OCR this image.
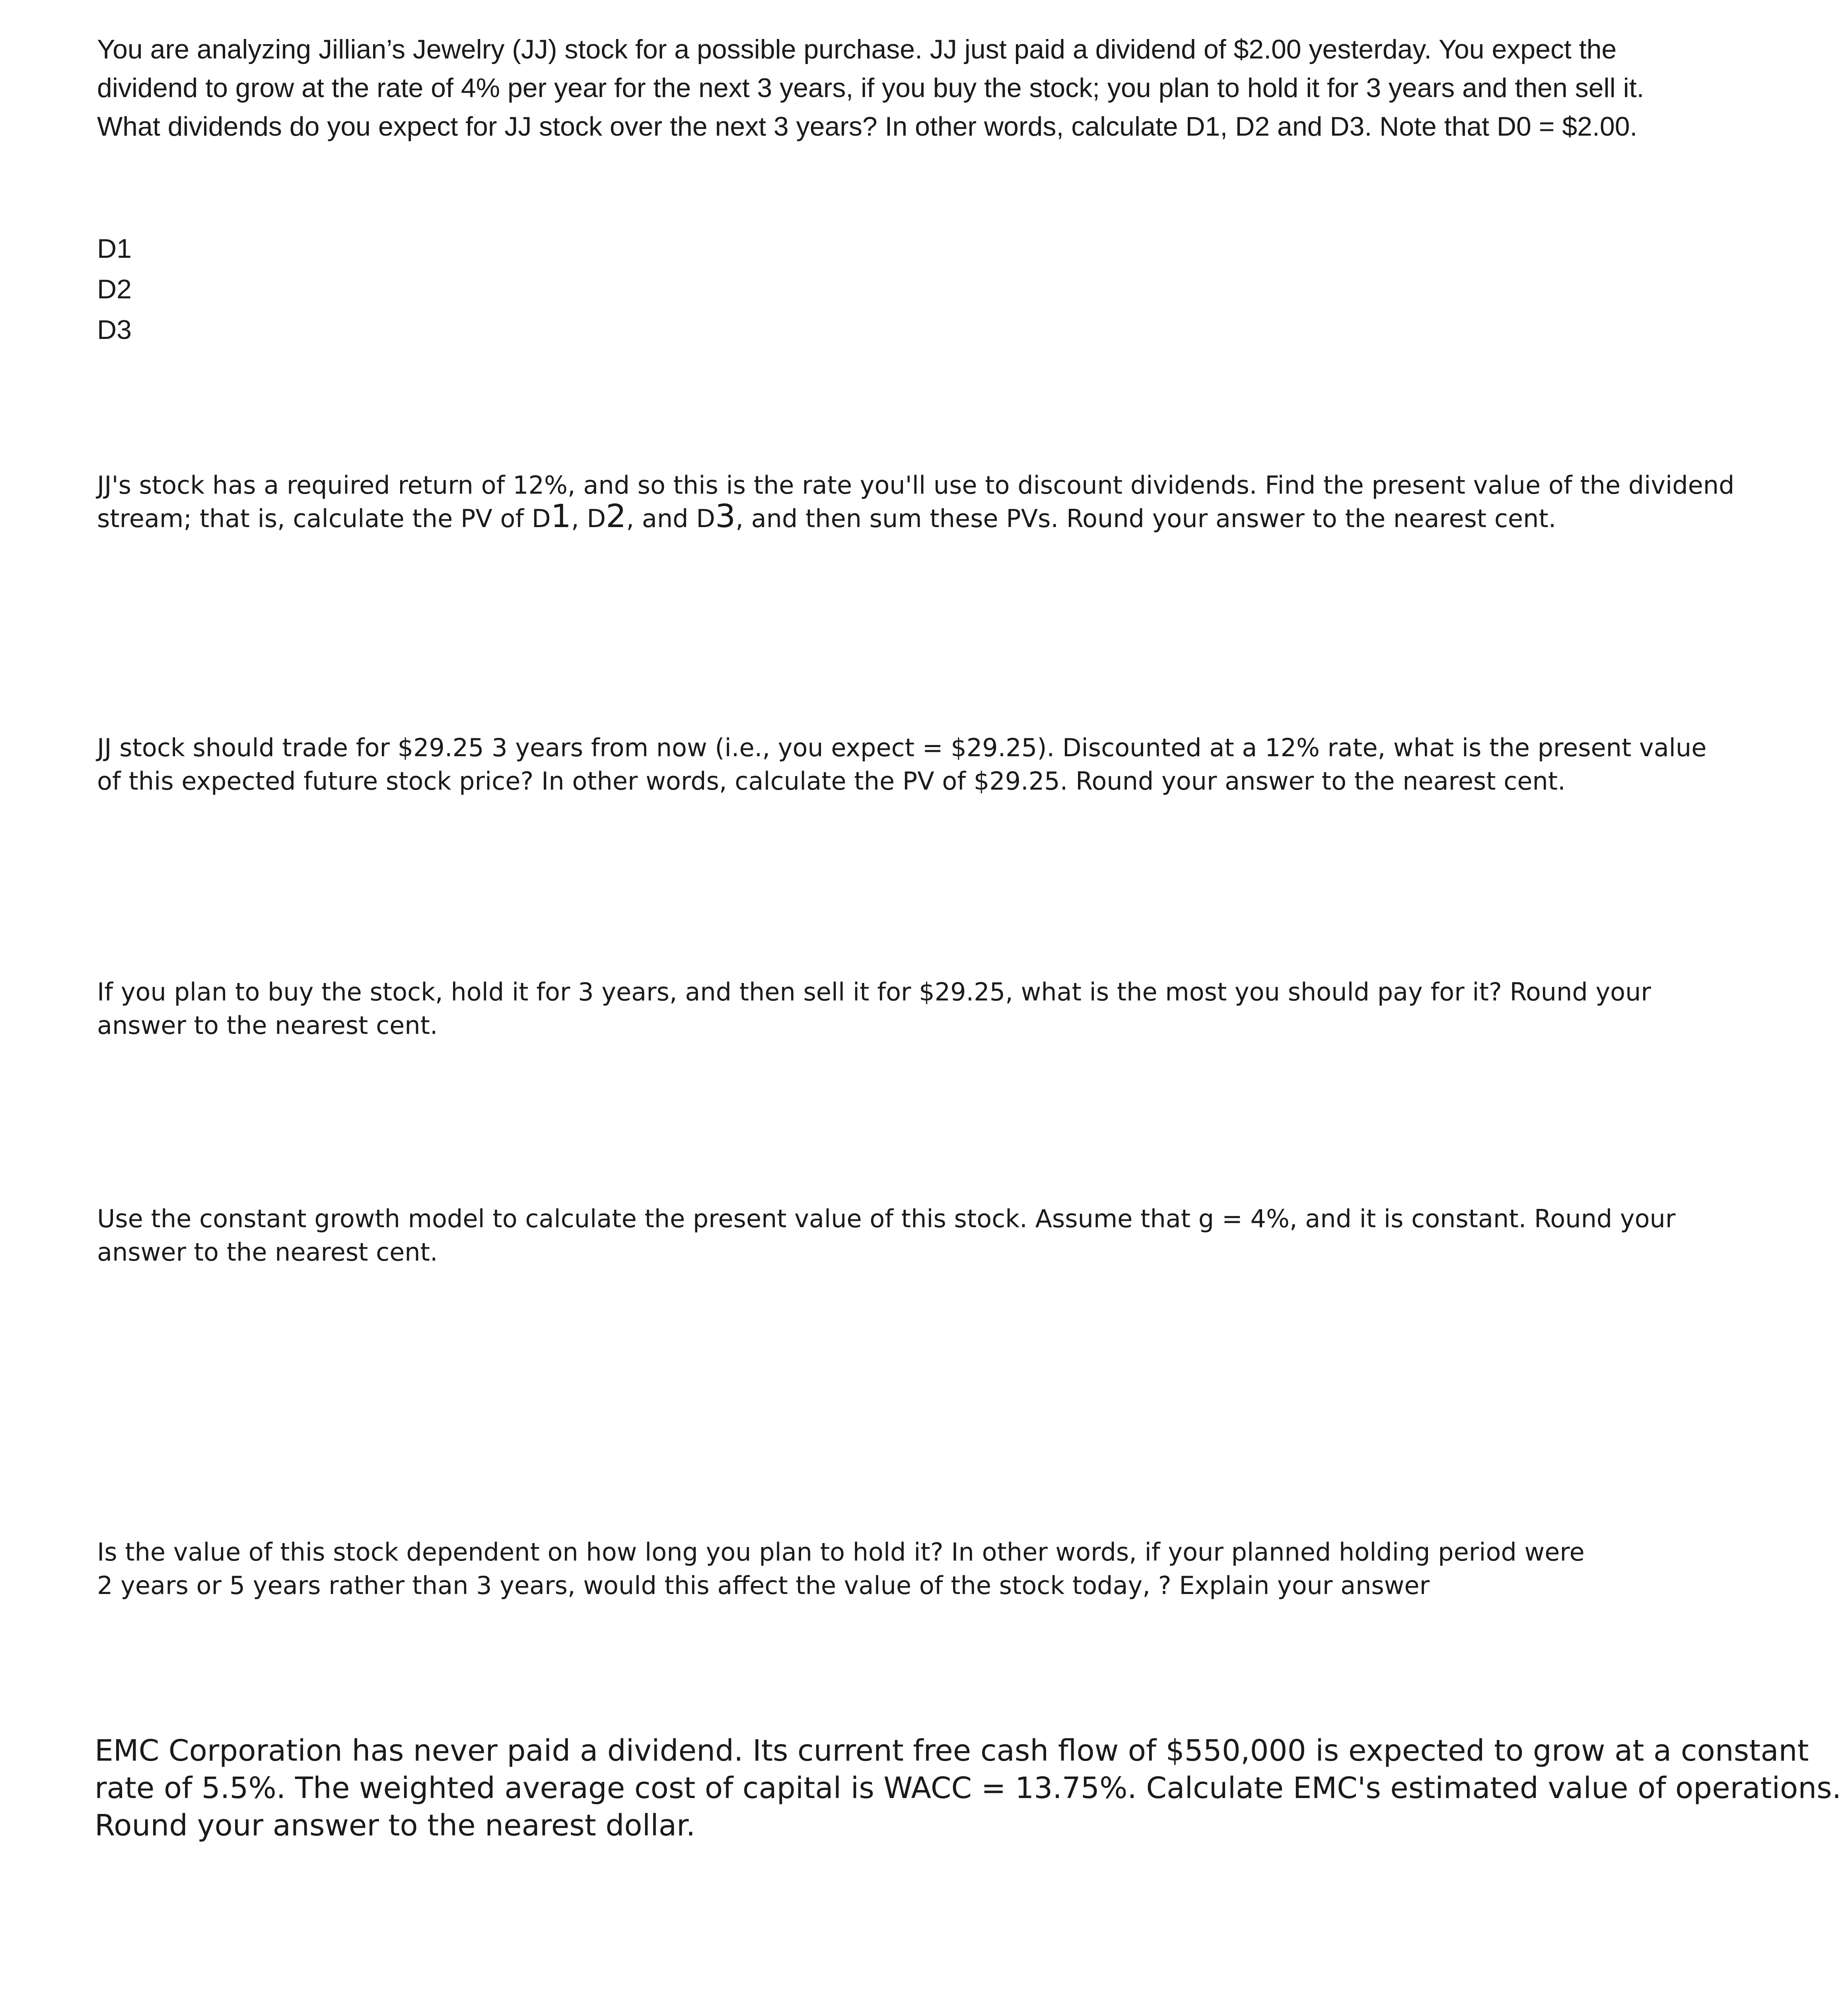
You are analyzing Jillian’s Jewelry (JJ) stock for a possible purchase. JJ just paid a dividend of $2.00 yesterday. You expect the
dividend to grow at the rate of 4% per year for the next 3 years, if you buy the stock; you plan to hold it for 3 years and then sell it.
What dividends do you expect for JJ stock over the next 3 years? In other words, calculate D1, D2 and D3. Note that D0 = $2.00.
D1
D2
D3
JJ's stock has a required return of 12%, and so this is the rate you'll use to discount dividends. Find the present value of the dividend
stream; that is, calculate the PV of D1, D2, and D3, and then sum these PVs. Round your answer to the nearest cent.
JJ stock should trade for $29.25 3 years from now (i.e., you expect = $29.25). Discounted at a 12% rate, what is the present value
of this expected future stock price? In other words, calculate the PV of $29.25. Round your answer to the nearest cent.
If you plan to buy the stock, hold it for 3 years, and then sell it for $29.25, what is the most you should pay for it? Round your
answer to the nearest cent.
Use the constant growth model to calculate the present value of this stock. Assume that g = 4%, and it is constant. Round your
answer to the nearest cent.
Is the value of this stock dependent on how long you plan to hold it? In other words, if your planned holding period were
2 years or 5 years rather than 3 years, would this affect the value of the stock today, ? Explain your answer
EMC Corporation has never paid a dividend. Its current free cash flow of $550,000 is expected to grow at a constant
rate of 5.5%. The weighted average cost of capital is WACC = 13.75%. Calculate EMC's estimated value of operations.
Round your answer to the nearest dollar.
